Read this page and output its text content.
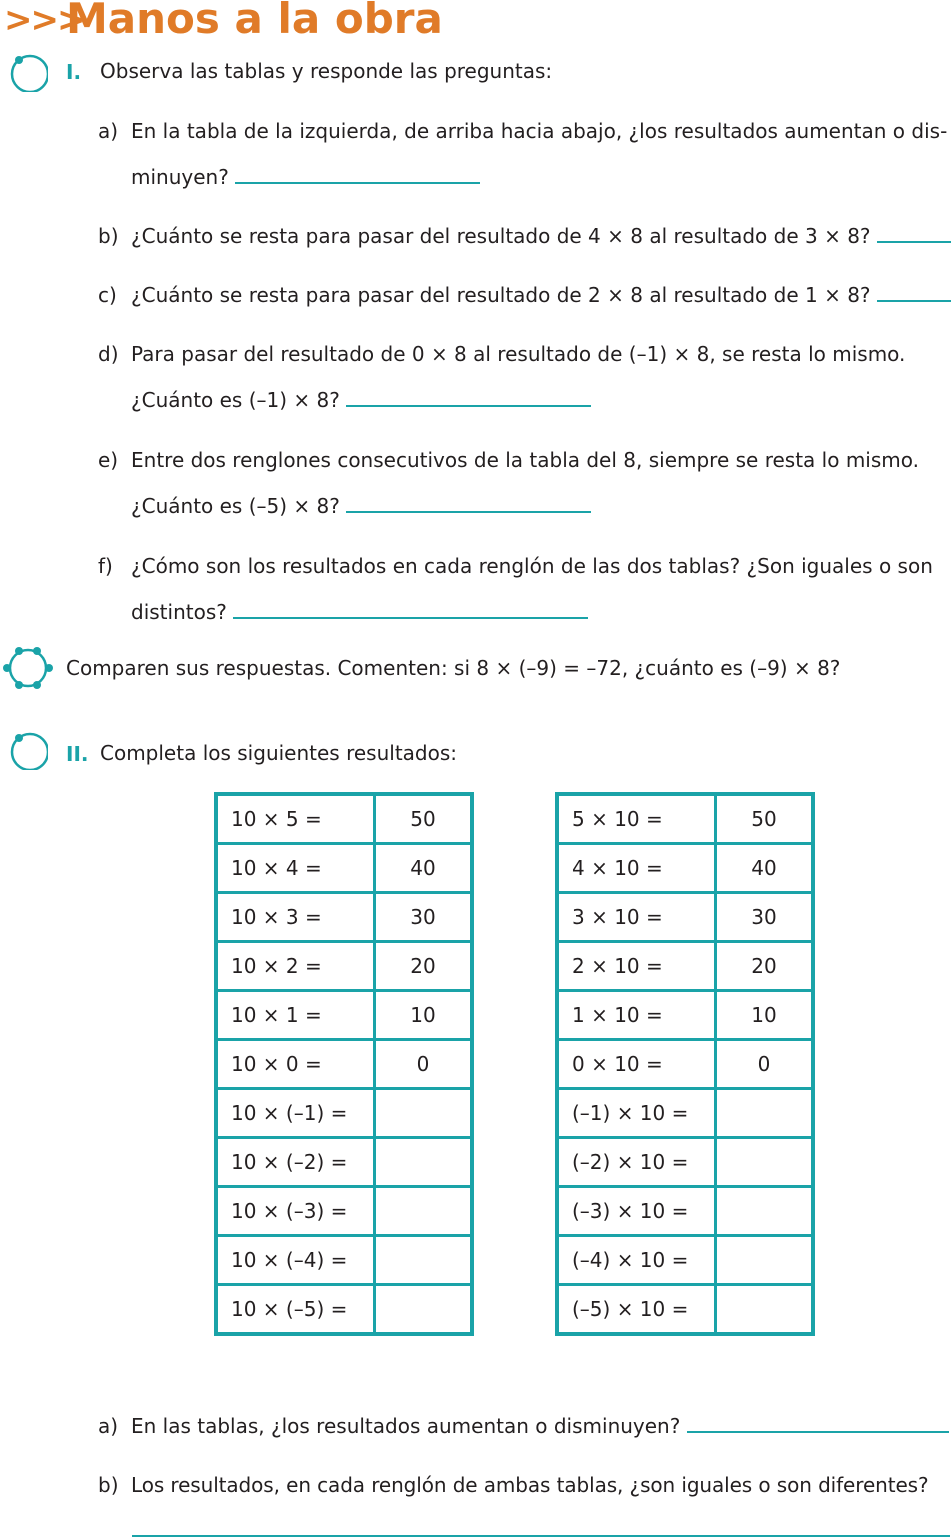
>>>
Manos a la obra
I. Observa las tablas y responde las preguntas:
a) En la tabla de la izquierda, de arriba hacia abajo, ¿los resultados aumentan o dis-
minuyen?
b) ¿Cuánto se resta para pasar del resultado de 4 × 8 al resultado de 3 × 8?
c) ¿Cuánto se resta para pasar del resultado de 2 × 8 al resultado de 1 × 8?
d) Para pasar del resultado de 0 × 8 al resultado de (–1) × 8, se resta lo mismo.
¿Cuánto es (–1) × 8?
e) Entre dos renglones consecutivos de la tabla del 8, siempre se resta lo mismo.
¿Cuánto es (–5) × 8?
f) ¿Cómo son los resultados en cada renglón de las dos tablas? ¿Son iguales o son
distintos?
Comparen sus respuestas. Comenten: si 8 × (–9) = –72, ¿cuánto es (–9) × 8?
II. Completa los siguientes resultados:
10 × 5 =	50
10 × 4 =	40
10 × 3 =	30
10 × 2 =	20
10 × 1 =	10
10 × 0 =	0
10 × (–1) =	
10 × (–2) =	
10 × (–3) =	
10 × (–4) =	
10 × (–5) =	
5 × 10 =	50
4 × 10 =	40
3 × 10 =	30
2 × 10 =	20
1 × 10 =	10
0 × 10 =	0
(–1) × 10 =	
(–2) × 10 =	
(–3) × 10 =	
(–4) × 10 =	
(–5) × 10 =	
a) En las tablas, ¿los resultados aumentan o disminuyen?
b) Los resultados, en cada renglón de ambas tablas, ¿son iguales o son diferentes?
